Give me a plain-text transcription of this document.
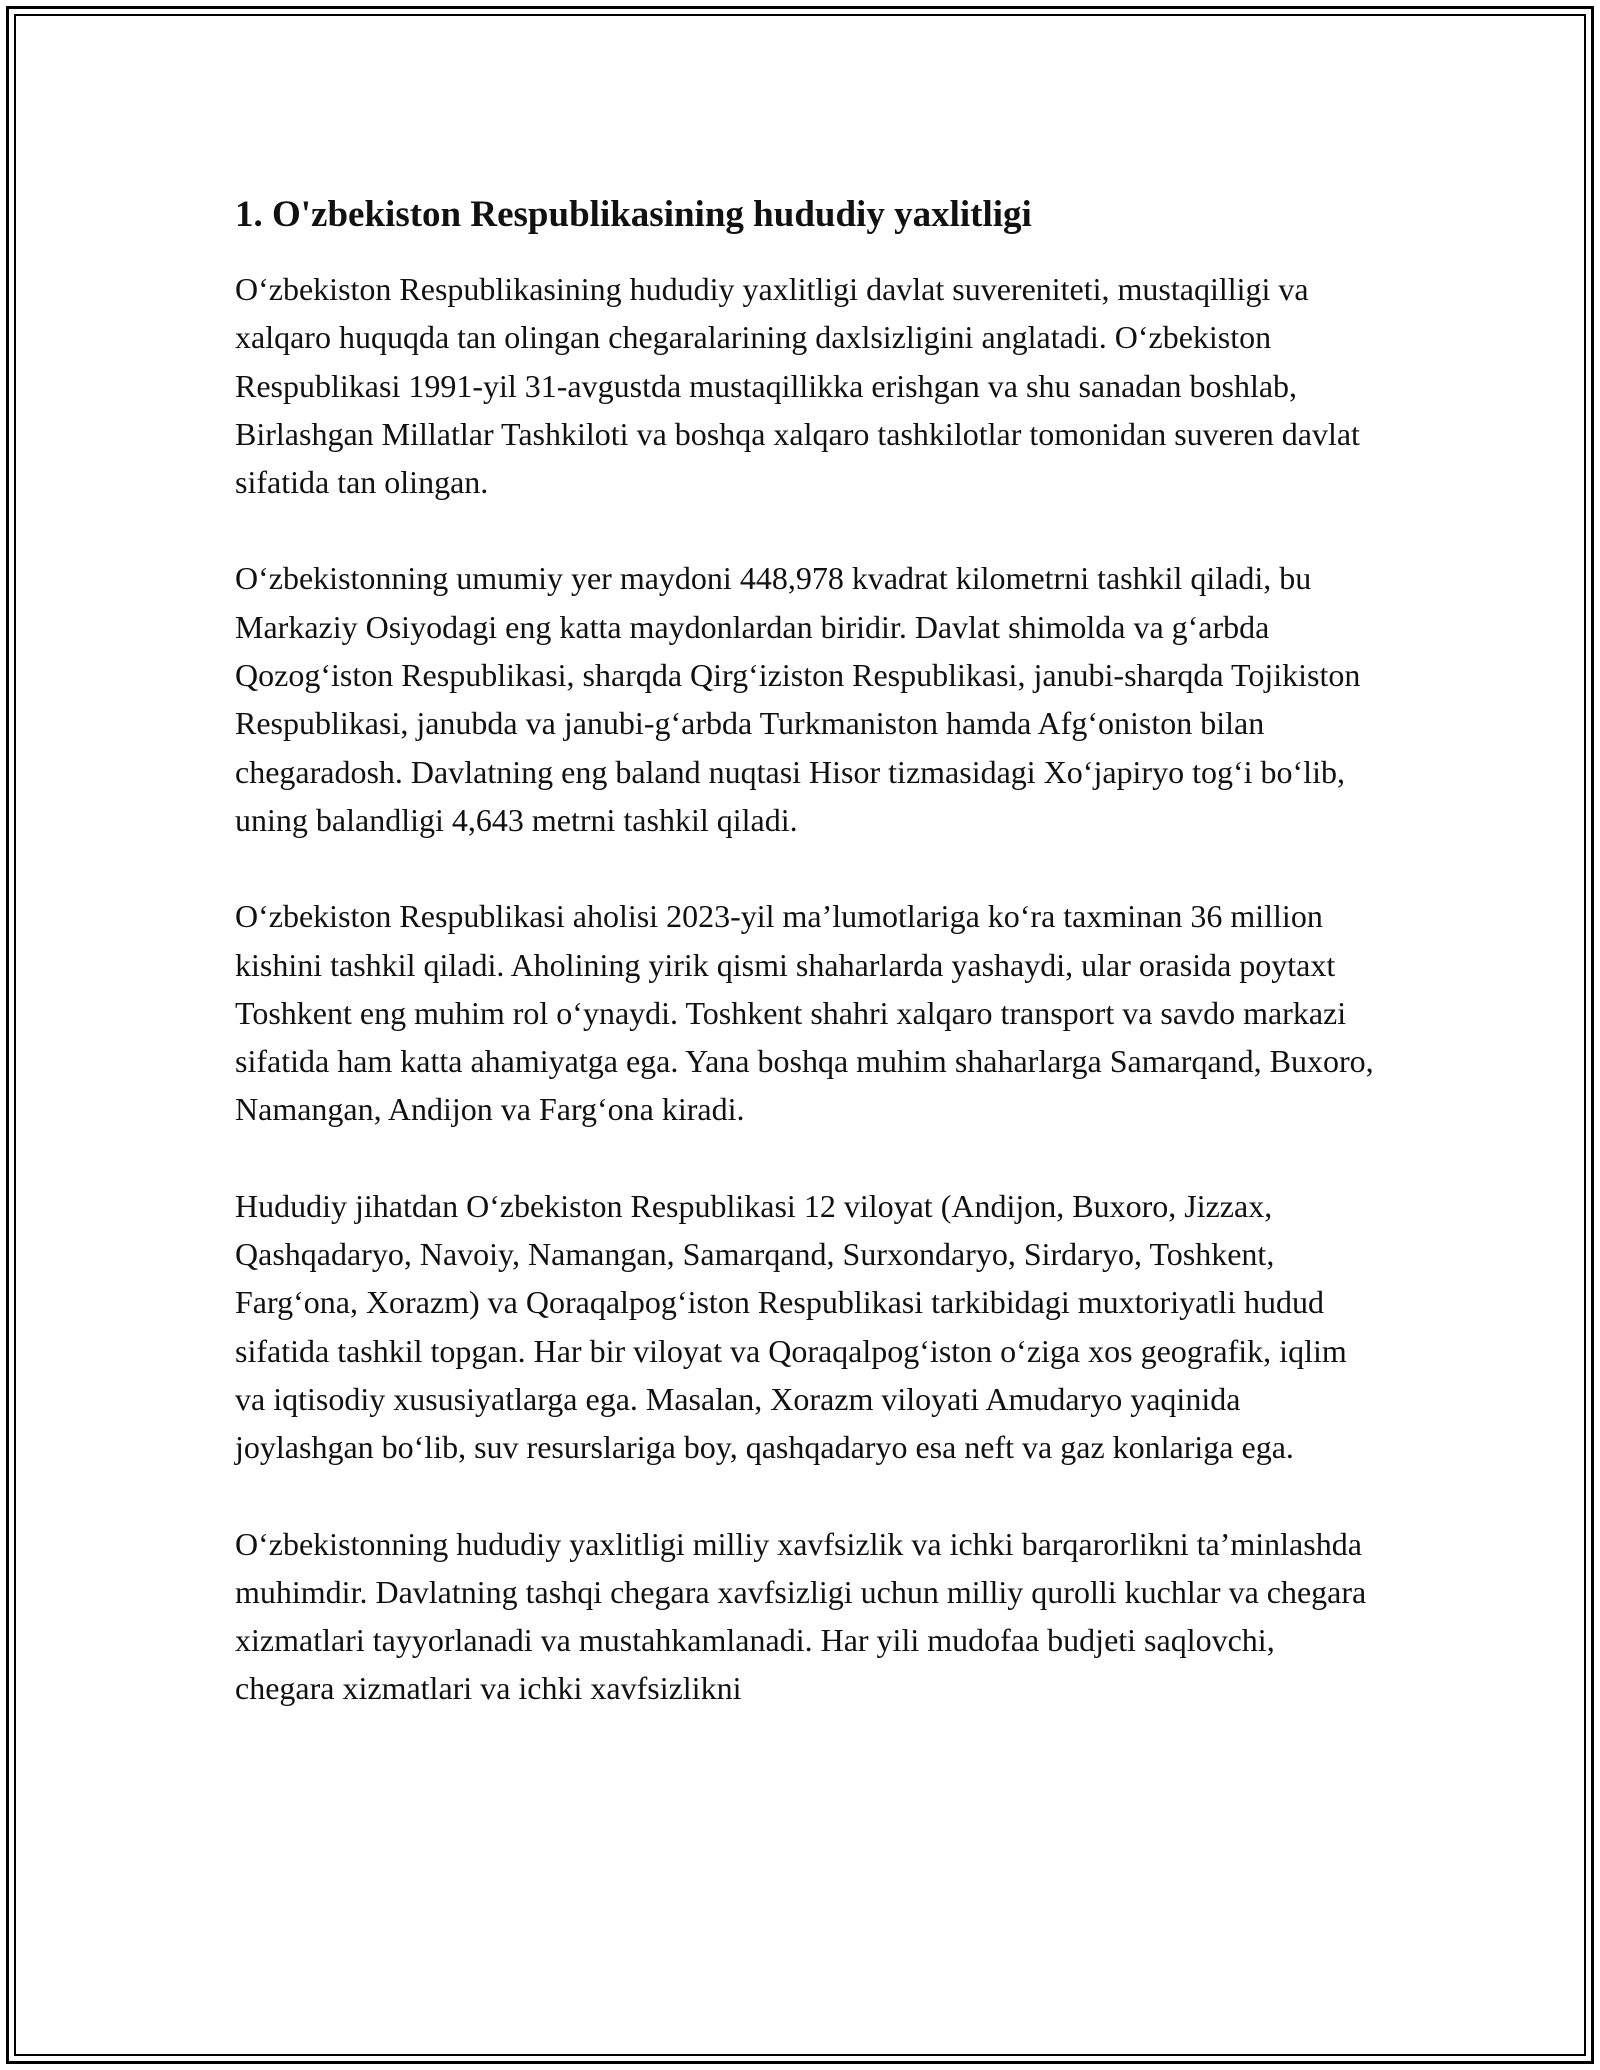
1. O'zbekiston Respublikasining hududiy yaxlitligi

O‘zbekiston Respublikasining hududiy yaxlitligi davlat suvereniteti, mustaqilligi va xalqaro huquqda tan olingan chegaralarining daxlsizligini anglatadi. O‘zbekiston Respublikasi 1991-yil 31-avgustda mustaqillikka erishgan va shu sanadan boshlab, Birlashgan Millatlar Tashkiloti va boshqa xalqaro tashkilotlar tomonidan suveren davlat sifatida tan olingan.

O‘zbekistonning umumiy yer maydoni 448,978 kvadrat kilometrni tashkil qiladi, bu Markaziy Osiyodagi eng katta maydonlardan biridir. Davlat shimolda va g‘arbda Qozog‘iston Respublikasi, sharqda Qirg‘iziston Respublikasi, janubi-sharqda Tojikiston Respublikasi, janubda va janubi-g‘arbda Turkmaniston hamda Afg‘oniston bilan chegaradosh. Davlatning eng baland nuqtasi Hisor tizmasidagi Xo‘japiryo tog‘i bo‘lib, uning balandligi 4,643 metrni tashkil qiladi.

O‘zbekiston Respublikasi aholisi 2023-yil ma’lumotlariga ko‘ra taxminan 36 million kishini tashkil qiladi. Aholining yirik qismi shaharlarda yashaydi, ular orasida poytaxt Toshkent eng muhim rol o‘ynaydi. Toshkent shahri xalqaro transport va savdo markazi sifatida ham katta ahamiyatga ega. Yana boshqa muhim shaharlarga Samarqand, Buxoro, Namangan, Andijon va Farg‘ona kiradi.

Hududiy jihatdan O‘zbekiston Respublikasi 12 viloyat (Andijon, Buxoro, Jizzax, Qashqadaryo, Navoiy, Namangan, Samarqand, Surxondaryo, Sirdaryo, Toshkent, Farg‘ona, Xorazm) va Qoraqalpog‘iston Respublikasi tarkibidagi muxtoriyatli hudud sifatida tashkil topgan. Har bir viloyat va Qoraqalpog‘iston o‘ziga xos geografik, iqlim va iqtisodiy xususiyatlarga ega. Masalan, Xorazm viloyati Amudaryo yaqinida joylashgan bo‘lib, suv resurslariga boy, qashqadaryo esa neft va gaz konlariga ega.

O‘zbekistonning hududiy yaxlitligi milliy xavfsizlik va ichki barqarorlikni ta’minlashda muhimdir. Davlatning tashqi chegara xavfsizligi uchun milliy qurolli kuchlar va chegara xizmatlari tayyorlanadi va mustahkamlanadi. Har yili mudofaa budjeti saqlovchi, chegara xizmatlari va ichki xavfsizlikni
